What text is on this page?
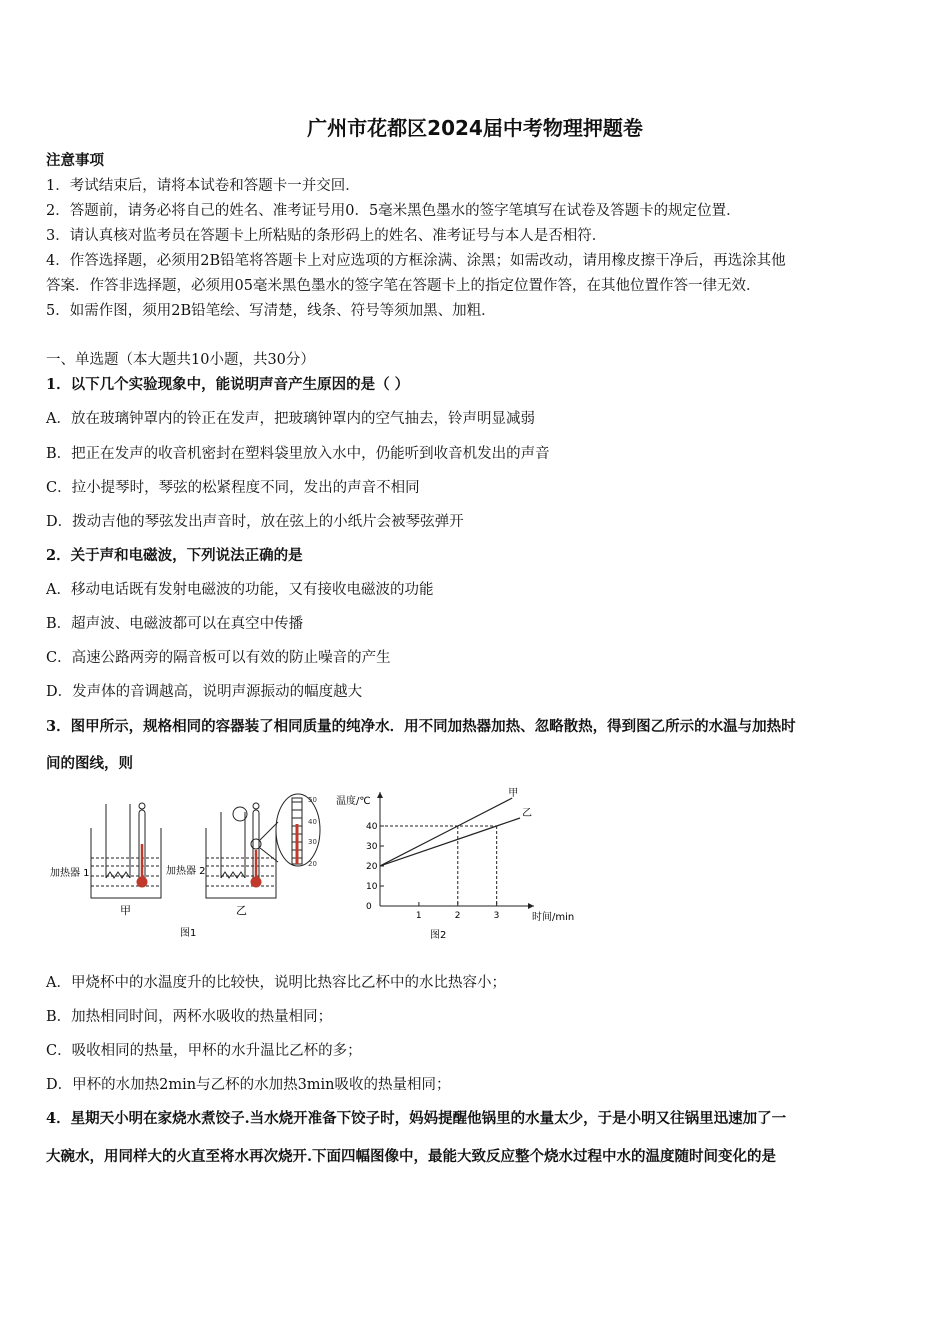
广州市花都区2024届中考物理押题卷
注意事项
1．考试结束后，请将本试卷和答题卡一并交回．
2．答题前，请务必将自己的姓名、准考证号用0．5毫米黑色墨水的签字笔填写在试卷及答题卡的规定位置．
3．请认真核对监考员在答题卡上所粘贴的条形码上的姓名、准考证号与本人是否相符．
4．作答选择题，必须用2B铅笔将答题卡上对应选项的方框涂满、涂黑；如需改动，请用橡皮擦干净后，再选涂其他
答案．作答非选择题，必须用05毫米黑色墨水的签字笔在答题卡上的指定位置作答，在其他位置作答一律无效．
5．如需作图，须用2B铅笔绘、写清楚，线条、符号等须加黑、加粗．
一、单选题（本大题共10小题，共30分）
1．以下几个实验现象中，能说明声音产生原因的是（ ）
A．放在玻璃钟罩内的铃正在发声，把玻璃钟罩内的空气抽去，铃声明显减弱
B．把正在发声的收音机密封在塑料袋里放入水中，仍能听到收音机发出的声音
C．拉小提琴时，琴弦的松紧程度不同，发出的声音不相同
D．拨动吉他的琴弦发出声音时，放在弦上的小纸片会被琴弦弹开
2．关于声和电磁波，下列说法正确的是
A．移动电话既有发射电磁波的功能，又有接收电磁波的功能
B．超声波、电磁波都可以在真空中传播
C．高速公路两旁的隔音板可以有效的防止噪音的产生
D．发声体的音调越高，说明声源振动的幅度越大
3．图甲所示，规格相同的容器装了相同质量的纯净水．用不同加热器加热、忽略散热，得到图乙所示的水温与加热时
间的图线，则
50
40
30
20
加热器 1	加热器 2
甲	乙
图1
0
10
20
30
40
1	2	3
甲
乙
温度/℃
时间/min
图2
A．甲烧杯中的水温度升的比较快，说明比热容比乙杯中的水比热容小；
B．加热相同时间，两杯水吸收的热量相同；
C．吸收相同的热量，甲杯的水升温比乙杯的多；
D．甲杯的水加热2min与乙杯的水加热3min吸收的热量相同；
4．星期天小明在家烧水煮饺子.当水烧开准备下饺子时，妈妈提醒他锅里的水量太少，于是小明又往锅里迅速加了一
大碗水，用同样大的火直至将水再次烧开.下面四幅图像中，最能大致反应整个烧水过程中水的温度随时间变化的是
